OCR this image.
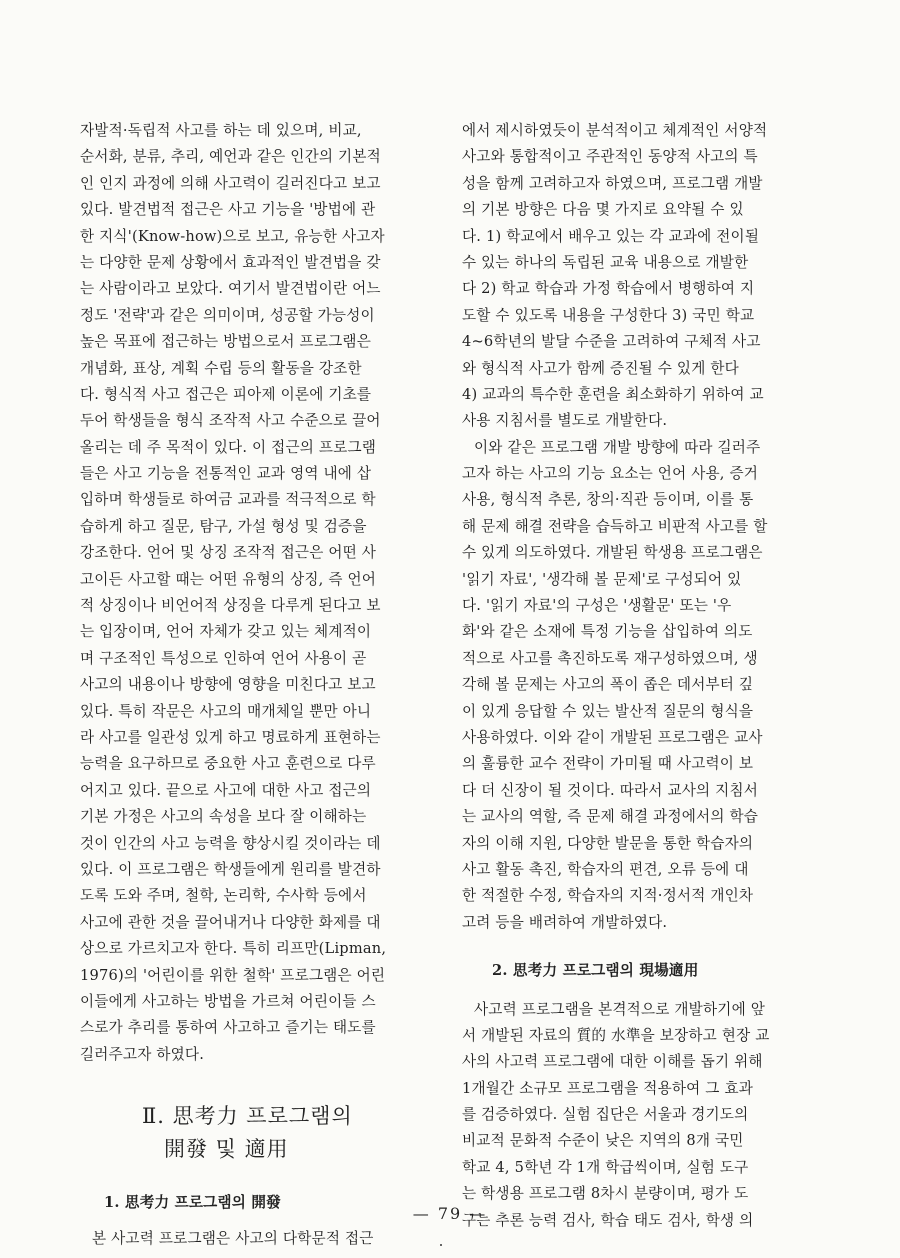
자발적·독립적 사고를 하는 데 있으며, 비교,
순서화, 분류, 추리, 예언과 같은 인간의 기본적
인 인지 과정에 의해 사고력이 길러진다고 보고
있다. 발견법적 접근은 사고 기능을 '방법에 관
한 지식'(Know-how)으로 보고, 유능한 사고자
는 다양한 문제 상황에서 효과적인 발견법을 갖
는 사람이라고 보았다. 여기서 발견법이란 어느
정도 '전략'과 같은 의미이며, 성공할 가능성이
높은 목표에 접근하는 방법으로서 프로그램은
개념화, 표상, 계획 수립 등의 활동을 강조한
다. 형식적 사고 접근은 피아제 이론에 기초를
두어 학생들을 형식 조작적 사고 수준으로 끌어
올리는 데 주 목적이 있다. 이 접근의 프로그램
들은 사고 기능을 전통적인 교과 영역 내에 삽
입하며 학생들로 하여금 교과를 적극적으로 학
습하게 하고 질문, 탐구, 가설 형성 및 검증을
강조한다. 언어 및 상징 조작적 접근은 어떤 사
고이든 사고할 때는 어떤 유형의 상징, 즉 언어
적 상징이나 비언어적 상징을 다루게 된다고 보
는 입장이며, 언어 자체가 갖고 있는 체계적이
며 구조적인 특성으로 인하여 언어 사용이 곧
사고의 내용이나 방향에 영향을 미친다고 보고
있다. 특히 작문은 사고의 매개체일 뿐만 아니
라 사고를 일관성 있게 하고 명료하게 표현하는
능력을 요구하므로 중요한 사고 훈련으로 다루
어지고 있다. 끝으로 사고에 대한 사고 접근의
기본 가정은 사고의 속성을 보다 잘 이해하는
것이 인간의 사고 능력을 향상시킬 것이라는 데
있다. 이 프로그램은 학생들에게 원리를 발견하
도록 도와 주며, 철학, 논리학, 수사학 등에서
사고에 관한 것을 끌어내거나 다양한 화제를 대
상으로 가르치고자 한다. 특히 리프만(Lipman,
1976)의 '어린이를 위한 철학' 프로그램은 어린
이들에게 사고하는 방법을 가르쳐 어린이들 스
스로가 추리를 통하여 사고하고 즐기는 태도를
길러주고자 하였다.
Ⅱ. 思考力 프로그램의
開發 및 適用
1. 思考力 프로그램의 開發
본 사고력 프로그램은 사고의 다학문적 접근
에서 제시하였듯이 분석적이고 체계적인 서양적
사고와 통합적이고 주관적인 동양적 사고의 특
성을 함께 고려하고자 하였으며, 프로그램 개발
의 기본 방향은 다음 몇 가지로 요약될 수 있
다. 1) 학교에서 배우고 있는 각 교과에 전이될
수 있는 하나의 독립된 교육 내용으로 개발한
다 2) 학교 학습과 가정 학습에서 병행하여 지
도할 수 있도록 내용을 구성한다 3) 국민 학교
4~6학년의 발달 수준을 고려하여 구체적 사고
와 형식적 사고가 함께 증진될 수 있게 한다
4) 교과의 특수한 훈련을 최소화하기 위하여 교
사용 지침서를 별도로 개발한다.
이와 같은 프로그램 개발 방향에 따라 길러주
고자 하는 사고의 기능 요소는 언어 사용, 증거
사용, 형식적 추론, 창의·직관 등이며, 이를 통
해 문제 해결 전략을 습득하고 비판적 사고를 할
수 있게 의도하였다. 개발된 학생용 프로그램은
'읽기 자료', '생각해 볼 문제'로 구성되어 있
다. '읽기 자료'의 구성은 '생활문' 또는 '우
화'와 같은 소재에 특정 기능을 삽입하여 의도
적으로 사고를 촉진하도록 재구성하였으며, 생
각해 볼 문제는 사고의 폭이 좁은 데서부터 깊
이 있게 응답할 수 있는 발산적 질문의 형식을
사용하였다. 이와 같이 개발된 프로그램은 교사
의 훌륭한 교수 전략이 가미될 때 사고력이 보
다 더 신장이 될 것이다. 따라서 교사의 지침서
는 교사의 역할, 즉 문제 해결 과정에서의 학습
자의 이해 지원, 다양한 발문을 통한 학습자의
사고 활동 촉진, 학습자의 편견, 오류 등에 대
한 적절한 수정, 학습자의 지적·정서적 개인차
고려 등을 배려하여 개발하였다.
2. 思考力 프로그램의 現場適用
사고력 프로그램을 본격적으로 개발하기에 앞
서 개발된 자료의 質的 水準을 보장하고 현장 교
사의 사고력 프로그램에 대한 이해를 돕기 위해
1개월간 소규모 프로그램을 적용하여 그 효과
를 검증하였다. 실험 집단은 서울과 경기도의
비교적 문화적 수준이 낮은 지역의 8개 국민
학교 4, 5학년 각 1개 학급씩이며, 실험 도구
는 학생용 프로그램 8차시 분량이며, 평가 도
구는 추론 능력 검사, 학습 태도 검사, 학생 의
— 79 —
